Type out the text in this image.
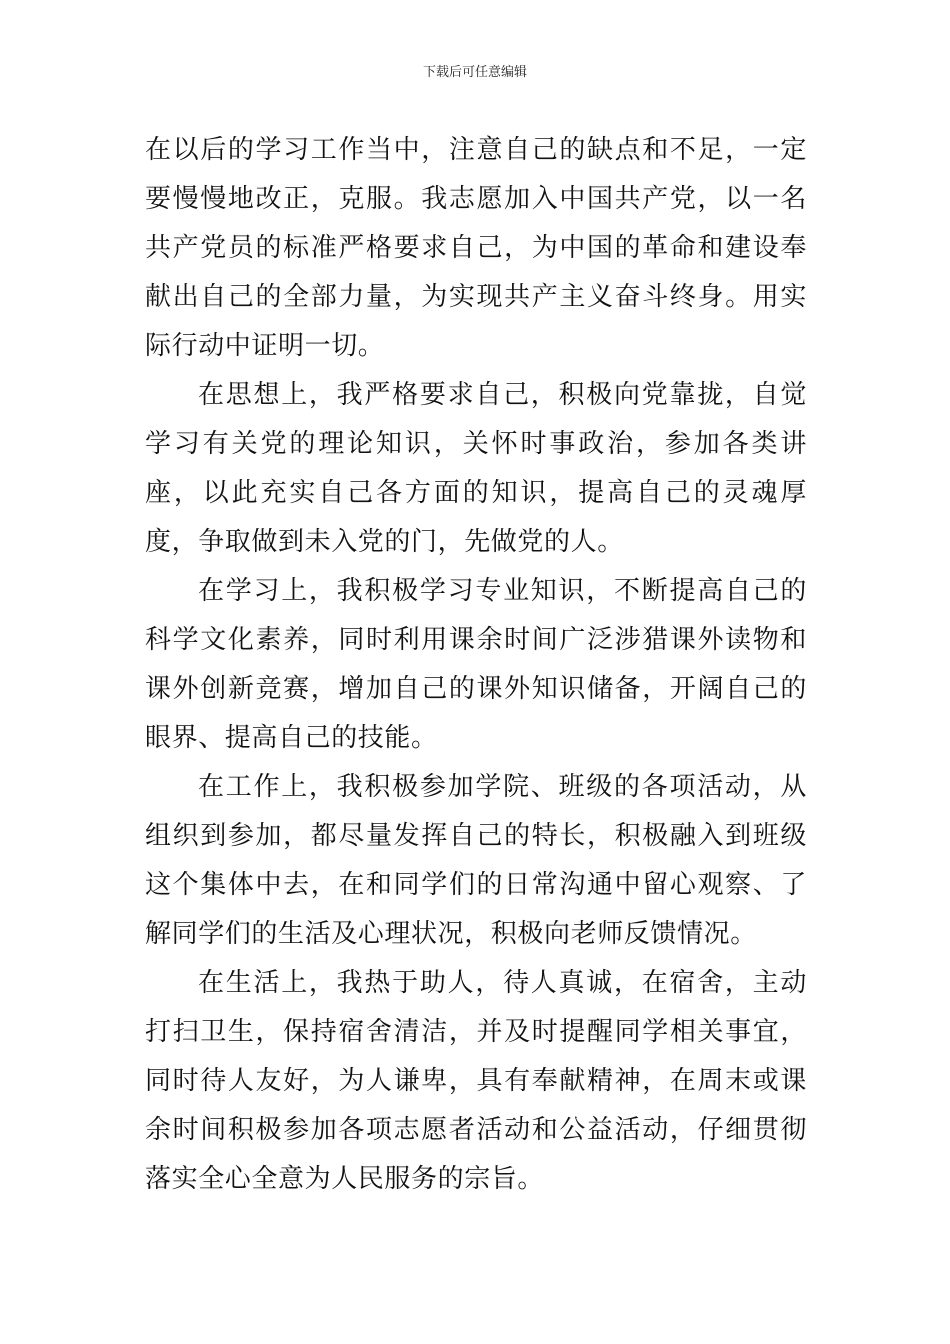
下载后可任意编辑

在以后的学习工作当中，注意自己的缺点和不足，一定要慢慢地改正，克服。我志愿加入中国共产党，以一名共产党员的标准严格要求自己，为中国的革命和建设奉献出自己的全部力量，为实现共产主义奋斗终身。用实际行动中证明一切。

在思想上，我严格要求自己，积极向党靠拢，自觉学习有关党的理论知识，关怀时事政治，参加各类讲座，以此充实自己各方面的知识，提高自己的灵魂厚度，争取做到未入党的门，先做党的人。

在学习上，我积极学习专业知识，不断提高自己的科学文化素养，同时利用课余时间广泛涉猎课外读物和课外创新竞赛，增加自己的课外知识储备，开阔自己的眼界、提高自己的技能。

在工作上，我积极参加学院、班级的各项活动，从组织到参加，都尽量发挥自己的特长，积极融入到班级这个集体中去，在和同学们的日常沟通中留心观察、了解同学们的生活及心理状况，积极向老师反馈情况。

在生活上，我热于助人，待人真诚，在宿舍，主动打扫卫生，保持宿舍清洁，并及时提醒同学相关事宜，同时待人友好，为人谦卑，具有奉献精神，在周末或课余时间积极参加各项志愿者活动和公益活动，仔细贯彻落实全心全意为人民服务的宗旨。
